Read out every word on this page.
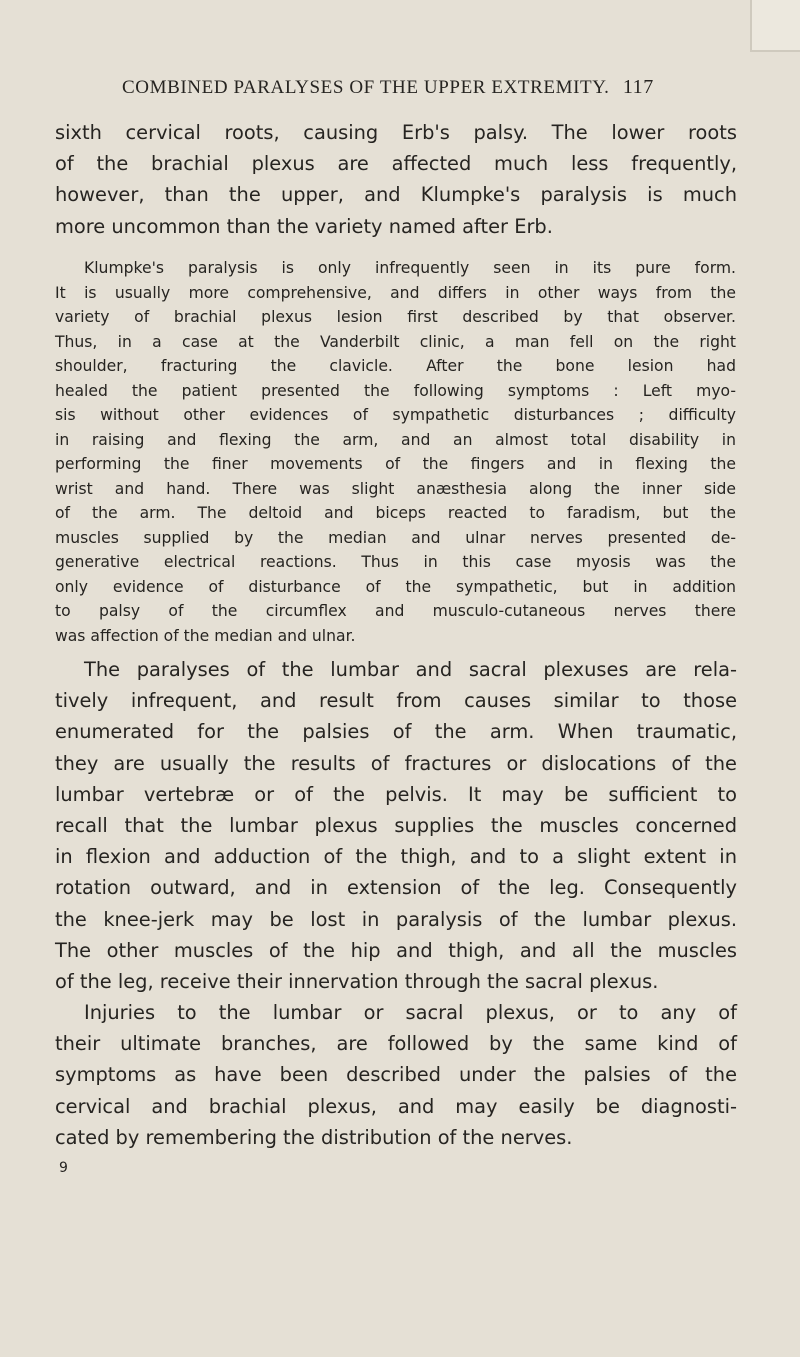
COMBINED PARALYSES OF THE UPPER EXTREMITY. 117

sixth cervical roots, causing Erb's palsy. The lower roots
of the brachial plexus are affected much less frequently,
however, than the upper, and Klumpke's paralysis is much
more uncommon than the variety named after Erb.

Klumpke's paralysis is only infrequently seen in its pure form.
It is usually more comprehensive, and differs in other ways from the
variety of brachial plexus lesion first described by that observer.
Thus, in a case at the Vanderbilt clinic, a man fell on the right
shoulder, fracturing the clavicle. After the bone lesion had
healed the patient presented the following symptoms : Left myo-
sis without other evidences of sympathetic disturbances ; difficulty
in raising and flexing the arm, and an almost total disability in
performing the finer movements of the fingers and in flexing the
wrist and hand. There was slight anæsthesia along the inner side
of the arm. The deltoid and biceps reacted to faradism, but the
muscles supplied by the median and ulnar nerves presented de-
generative electrical reactions. Thus in this case myosis was the
only evidence of disturbance of the sympathetic, but in addition
to palsy of the circumflex and musculo-cutaneous nerves there
was affection of the median and ulnar.

The paralyses of the lumbar and sacral plexuses are rela-
tively infrequent, and result from causes similar to those
enumerated for the palsies of the arm. When traumatic,
they are usually the results of fractures or dislocations of the
lumbar vertebræ or of the pelvis. It may be sufficient to
recall that the lumbar plexus supplies the muscles concerned
in flexion and adduction of the thigh, and to a slight extent in
rotation outward, and in extension of the leg. Consequently
the knee-jerk may be lost in paralysis of the lumbar plexus.
The other muscles of the hip and thigh, and all the muscles
of the leg, receive their innervation through the sacral plexus.

Injuries to the lumbar or sacral plexus, or to any of
their ultimate branches, are followed by the same kind of
symptoms as have been described under the palsies of the
cervical and brachial plexus, and may easily be diagnosti-
cated by remembering the distribution of the nerves.

9
